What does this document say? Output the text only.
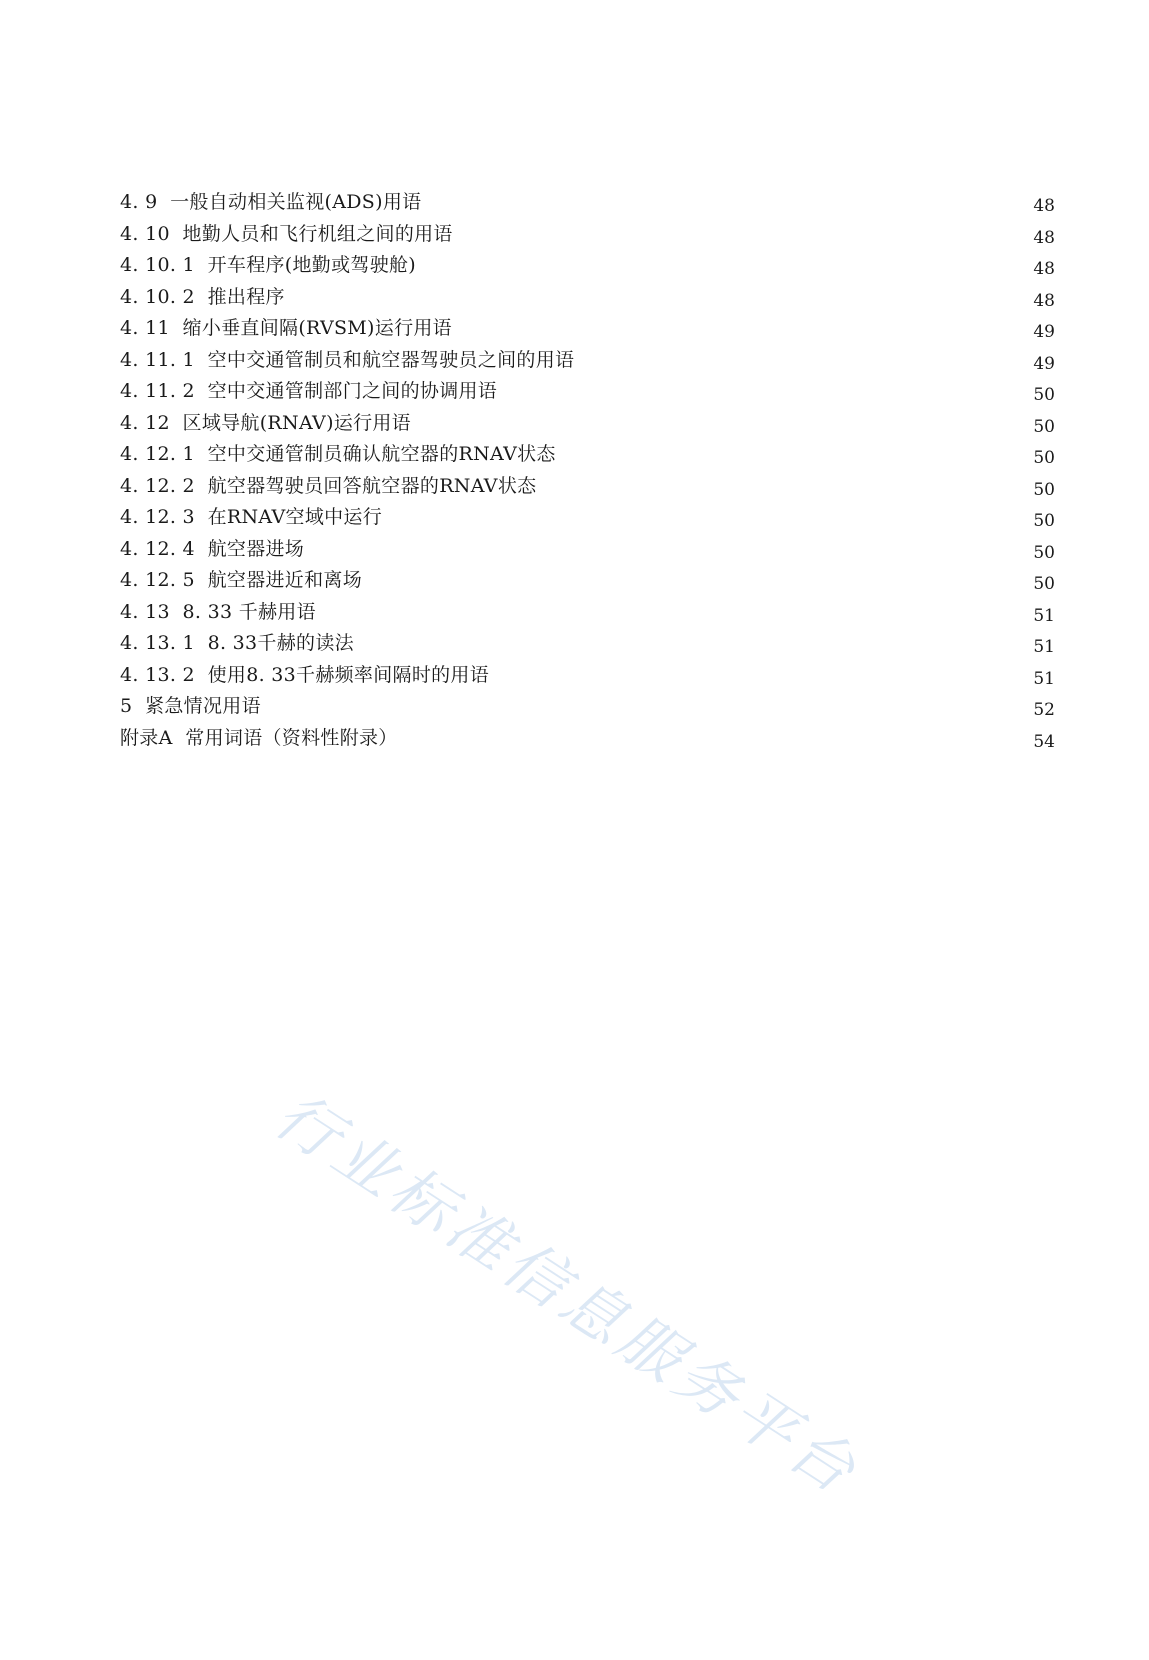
4. 9  一般自动相关监视(ADS)用语	48
4. 10  地勤人员和飞行机组之间的用语	48
4. 10. 1  开车程序(地勤或驾驶舱)	48
4. 10. 2  推出程序	48
4. 11  缩小垂直间隔(RVSM)运行用语	49
4. 11. 1  空中交通管制员和航空器驾驶员之间的用语	49
4. 11. 2  空中交通管制部门之间的协调用语	50
4. 12  区域导航(RNAV)运行用语	50
4. 12. 1  空中交通管制员确认航空器的RNAV状态	50
4. 12. 2  航空器驾驶员回答航空器的RNAV状态	50
4. 12. 3  在RNAV空域中运行	50
4. 12. 4  航空器进场	50
4. 12. 5  航空器进近和离场	50
4. 13  8. 33 千赫用语	51
4. 13. 1  8. 33千赫的读法	51
4. 13. 2  使用8. 33千赫频率间隔时的用语	51
5  紧急情况用语	52
附录A  常用词语（资料性附录）	54
行业标准信息服务平台
